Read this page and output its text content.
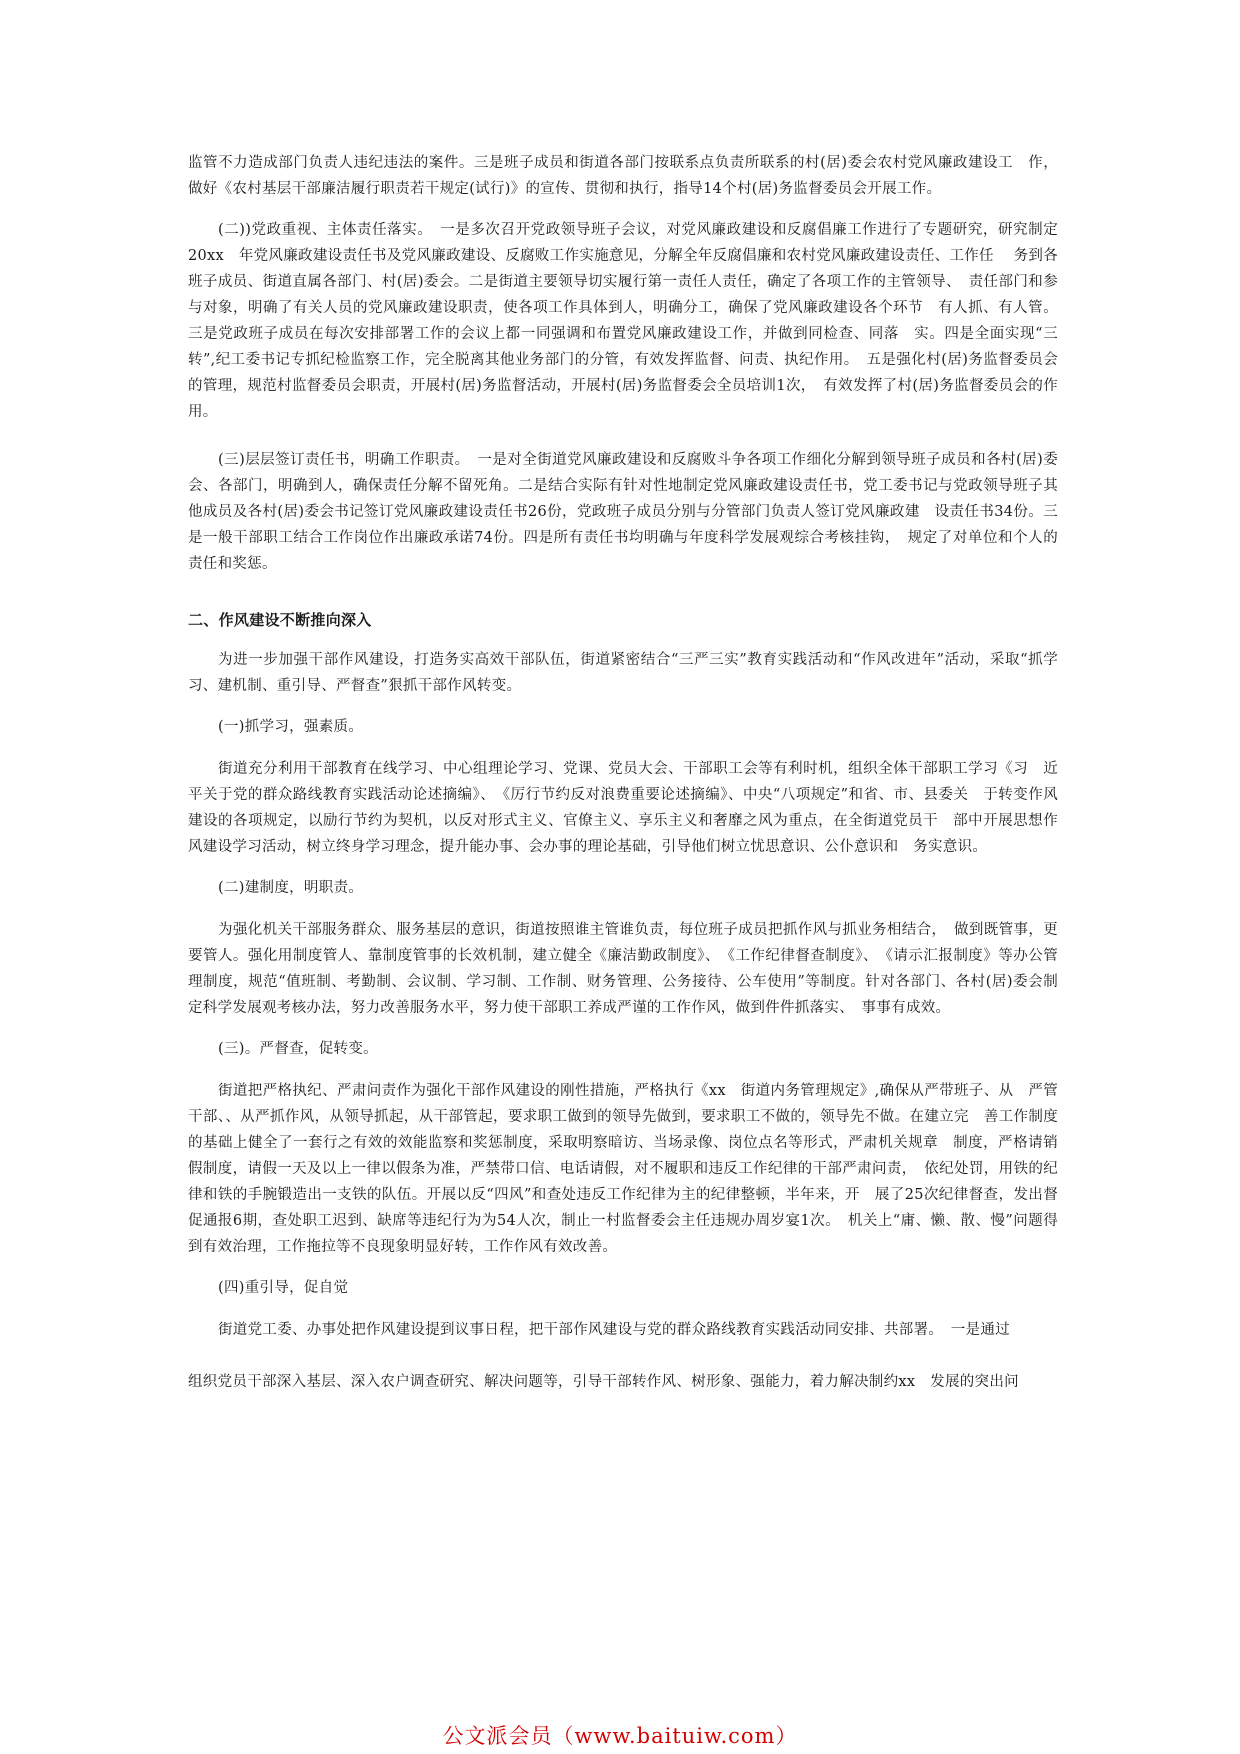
监管不力造成部门负责人违纪违法的案件。三是班子成员和街道各部门按联系点负责所联系的村(居)委会农村党风廉政建设工　作，做好《农村基层干部廉洁履行职责若干规定(试行)》的宣传、贯彻和执行，指导14个村(居)务监督委员会开展工作。

(二))党政重视、主体责任落实。　一是多次召开党政领导班子会议，对党风廉政建设和反腐倡廉工作进行了专题研究，研究制定20xx　年党风廉政建设责任书及党风廉政建设、反腐败工作实施意见，分解全年反腐倡廉和农村党风廉政建设责任、工作任　 务到各班子成员、街道直属各部门、村(居)委会。二是街道主要领导切实履行第一责任人责任，确定了各项工作的主管领导、　责任部门和参与对象，明确了有关人员的党风廉政建设职责，使各项工作具体到人，明确分工，确保了党风廉政建设各个环节　有人抓、有人管。三是党政班子成员在每次安排部署工作的会议上都一同强调和布置党风廉政建设工作，并做到同检查、同落　实。四是全面实现“三转”,纪工委书记专抓纪检监察工作，完全脱离其他业务部门的分管，有效发挥监督、问责、执纪作用。　五是强化村(居)务监督委员会的管理，规范村监督委员会职责，开展村(居)务监督活动，开展村(居)务监督委会全员培训1次，　有效发挥了村(居)务监督委员会的作用。

(三)层层签订责任书，明确工作职责。　一是对全街道党风廉政建设和反腐败斗争各项工作细化分解到领导班子成员和各村(居)委会、各部门，明确到人，确保责任分解不留死角。二是结合实际有针对性地制定党风廉政建设责任书，党工委书记与党政领导班子其他成员及各村(居)委会书记签订党风廉政建设责任书26份，党政班子成员分别与分管部门负责人签订党风廉政建　设责任书34份。三是一般干部职工结合工作岗位作出廉政承诺74份。四是所有责任书均明确与年度科学发展观综合考核挂钩，　规定了对单位和个人的责任和奖惩。

二、作风建设不断推向深入

为进一步加强干部作风建设，打造务实高效干部队伍，街道紧密结合“三严三实”教育实践活动和“作风改进年”活动，采取“抓学习、建机制、重引导、严督查”狠抓干部作风转变。

(一)抓学习，强素质。

街道充分利用干部教育在线学习、中心组理论学习、党课、党员大会、干部职工会等有利时机，组织全体干部职工学习《习　近平关于党的群众路线教育实践活动论述摘编》、　《厉行节约反对浪费重要论述摘编》、中央“八项规定”和省、市、县委关　于转变作风建设的各项规定，以励行节约为契机，以反对形式主义、官僚主义、享乐主义和奢靡之风为重点，在全街道党员干　部中开展思想作风建设学习活动，树立终身学习理念，提升能办事、会办事的理论基础，引导他们树立忧思意识、公仆意识和　务实意识。

(二)建制度，明职责。

为强化机关干部服务群众、服务基层的意识，街道按照谁主管谁负责，每位班子成员把抓作风与抓业务相结合，　做到既管事，更要管人。强化用制度管人、靠制度管事的长效机制，建立健全《廉洁勤政制度》、　《工作纪律督查制度》、　《请示汇报制度》等办公管理制度，规范“值班制、考勤制、会议制、学习制、工作制、财务管理、公务接待、公车使用”等制度。针对各部门、各村(居)委会制定科学发展观考核办法，努力改善服务水平，努力使干部职工养成严谨的工作作风，做到件件抓落实、　事事有成效。

(三)。严督查，促转变。

街道把严格执纪、严肃问责作为强化干部作风建设的刚性措施，严格执行《xx　街道内务管理规定》,确保从严带班子、从　严管干部、、从严抓作风，从领导抓起，从干部管起，要求职工做到的领导先做到，要求职工不做的，领导先不做。在建立完　善工作制度的基础上健全了一套行之有效的效能监察和奖惩制度，采取明察暗访、当场录像、岗位点名等形式，严肃机关规章　制度，严格请销假制度，请假一天及以上一律以假条为准，严禁带口信、电话请假，对不履职和违反工作纪律的干部严肃问责，　依纪处罚，用铁的纪律和铁的手腕锻造出一支铁的队伍。开展以反“四风”和查处违反工作纪律为主的纪律整顿，半年来，开　展了25次纪律督查，发出督促通报6期，查处职工迟到、缺席等违纪行为为54人次，制止一村监督委会主任违规办周岁宴1次。　机关上“庸、懒、散、慢”问题得到有效治理，工作拖拉等不良现象明显好转，工作作风有效改善。

(四)重引导，促自觉

街道党工委、办事处把作风建设提到议事日程，把干部作风建设与党的群众路线教育实践活动同安排、共部署。　一是通过

组织党员干部深入基层、深入农户调查研究、解决问题等，引导干部转作风、树形象、强能力，着力解决制约xx　发展的突出问

公文派会员（www.baituiw.com）
